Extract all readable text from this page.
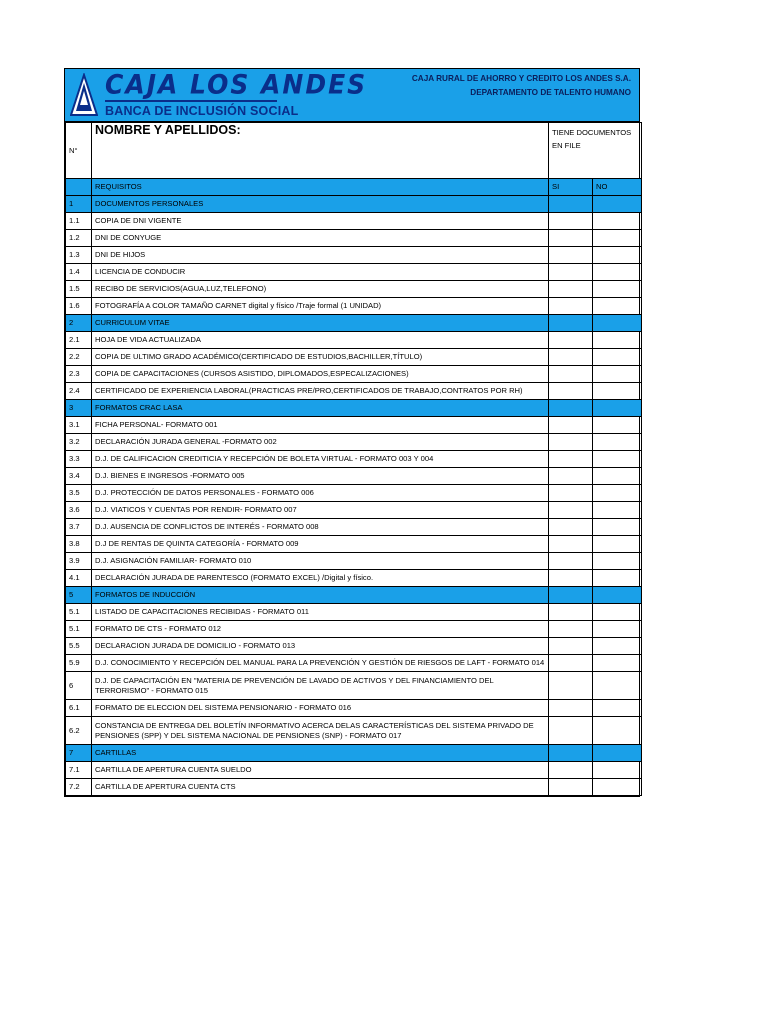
CAJA LOS ANDES
BANCA DE INCLUSIÓN SOCIAL
CAJA RURAL DE AHORRO Y CREDITO LOS ANDES S.A.
DEPARTAMENTO DE TALENTO HUMANO
N°	NOMBRE Y APELLIDOS:	TIENE DOCUMENTOS EN FILE	
	REQUISITOS	SI	NO
1	DOCUMENTOS PERSONALES		
1.1	COPIA DE DNI VIGENTE		
1.2	DNI DE CONYUGE		
1.3	DNI DE HIJOS		
1.4	LICENCIA DE CONDUCIR		
1.5	RECIBO DE SERVICIOS(AGUA,LUZ,TELEFONO)		
1.6	FOTOGRAFÍA A COLOR TAMAÑO CARNET digital y físico /Traje formal (1 UNIDAD)		
2	CURRICULUM VITAE		
2.1	HOJA DE VIDA ACTUALIZADA		
2.2	COPIA DE ULTIMO GRADO ACADÉMICO(CERTIFICADO DE ESTUDIOS,BACHILLER,TÍTULO)		
2.3	COPIA DE CAPACITACIONES (CURSOS ASISTIDO, DIPLOMADOS,ESPECALIZACIONES)		
2.4	CERTIFICADO DE EXPERIENCIA LABORAL(PRACTICAS PRE/PRO,CERTIFICADOS DE TRABAJO,CONTRATOS POR RH)		
3	FORMATOS CRAC LASA		
3.1	FICHA PERSONAL- FORMATO 001		
3.2	DECLARACIÓN JURADA GENERAL -FORMATO 002		
3.3	D.J. DE CALIFICACION CREDITICIA Y RECEPCIÓN DE BOLETA VIRTUAL - FORMATO 003 Y 004		
3.4	D.J. BIENES E INGRESOS -FORMATO 005		
3.5	D.J. PROTECCIÓN DE DATOS PERSONALES - FORMATO 006		
3.6	D.J. VIATICOS Y CUENTAS POR RENDIR- FORMATO 007		
3.7	D.J. AUSENCIA DE CONFLICTOS DE INTERÉS - FORMATO 008		
3.8	D.J DE RENTAS DE QUINTA CATEGORÍA - FORMATO 009		
3.9	D.J. ASIGNACIÓN FAMILIAR- FORMATO 010		
4.1	DECLARACIÓN JURADA DE PARENTESCO (FORMATO EXCEL) /Digital y físico.		
5	FORMATOS DE INDUCCIÓN		
5.1	LISTADO DE CAPACITACIONES RECIBIDAS - FORMATO 011		
5.1	FORMATO DE CTS - FORMATO 012		
5.5	DECLARACION JURADA DE DOMICILIO - FORMATO 013		
5.9	D.J. CONOCIMIENTO Y RECEPCIÓN DEL MANUAL PARA LA PREVENCIÓN Y GESTIÓN DE RIESGOS DE LAFT - FORMATO 014		
6	D.J. DE CAPACITACIÓN EN "MATERIA DE PREVENCIÓN DE LAVADO DE ACTIVOS Y DEL FINANCIAMIENTO DEL TERRORISMO" - FORMATO 015		
6.1	FORMATO DE ELECCION DEL SISTEMA PENSIONARIO - FORMATO 016		
6.2	CONSTANCIA DE ENTREGA DEL BOLETÍN INFORMATIVO ACERCA DELAS CARACTERÍSTICAS DEL SISTEMA PRIVADO DE PENSIONES (SPP) Y DEL SISTEMA NACIONAL DE PENSIONES (SNP) - FORMATO 017		
7	CARTILLAS		
7.1	CARTILLA DE APERTURA CUENTA SUELDO		
7.2	CARTILLA DE APERTURA CUENTA CTS		
